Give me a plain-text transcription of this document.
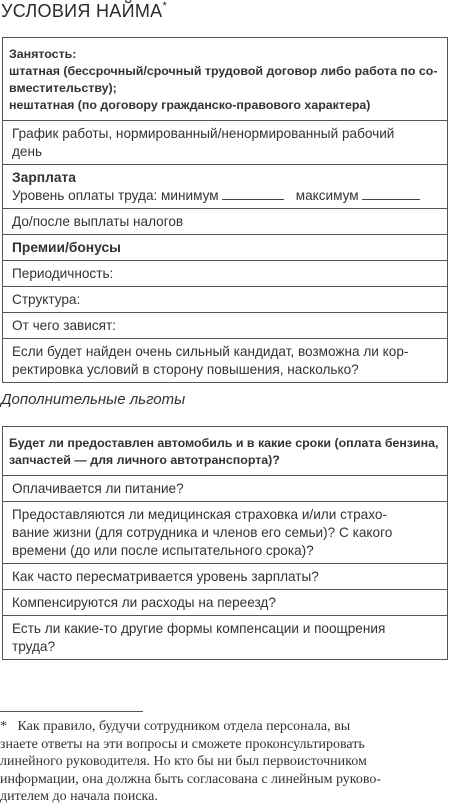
УСЛОВИЯ НАЙМА*
Занятость:
штатная (бессрочный/срочный трудовой договор либо работа по со-
вместительству);
нештатная (по договору гражданско-правового характера)
График работы, нормированный/ненормированный рабочий
день
Зарплата
Уровень оплаты труда: минимум	максимум
До/после выплаты налогов
Премии/бонусы
Периодичность:
Структура:
От чего зависят:
Если будет найден очень сильный кандидат, возможна ли кор-
ректировка условий в сторону повышения, насколько?
Дополнительные льготы
Будет ли предоставлен автомобиль и в какие сроки (оплата бензина,
запчастей — для личного автотранспорта)?
Оплачивается ли питание?
Предоставляются ли медицинская страховка и/или страхо-
вание жизни (для сотрудника и членов его семьи)? С какого
времени (до или после испытательного срока)?
Как часто пересматривается уровень зарплаты?
Компенсируются ли расходы на переезд?
Есть ли какие-то другие формы компенсации и поощрения
труда?
* Как правило, будучи сотрудником отдела персонала, вы
знаете ответы на эти вопросы и сможете проконсультировать
линейного руководителя. Но кто бы ни был первоисточником
информации, она должна быть согласована с линейным руково-
дителем до начала поиска.
